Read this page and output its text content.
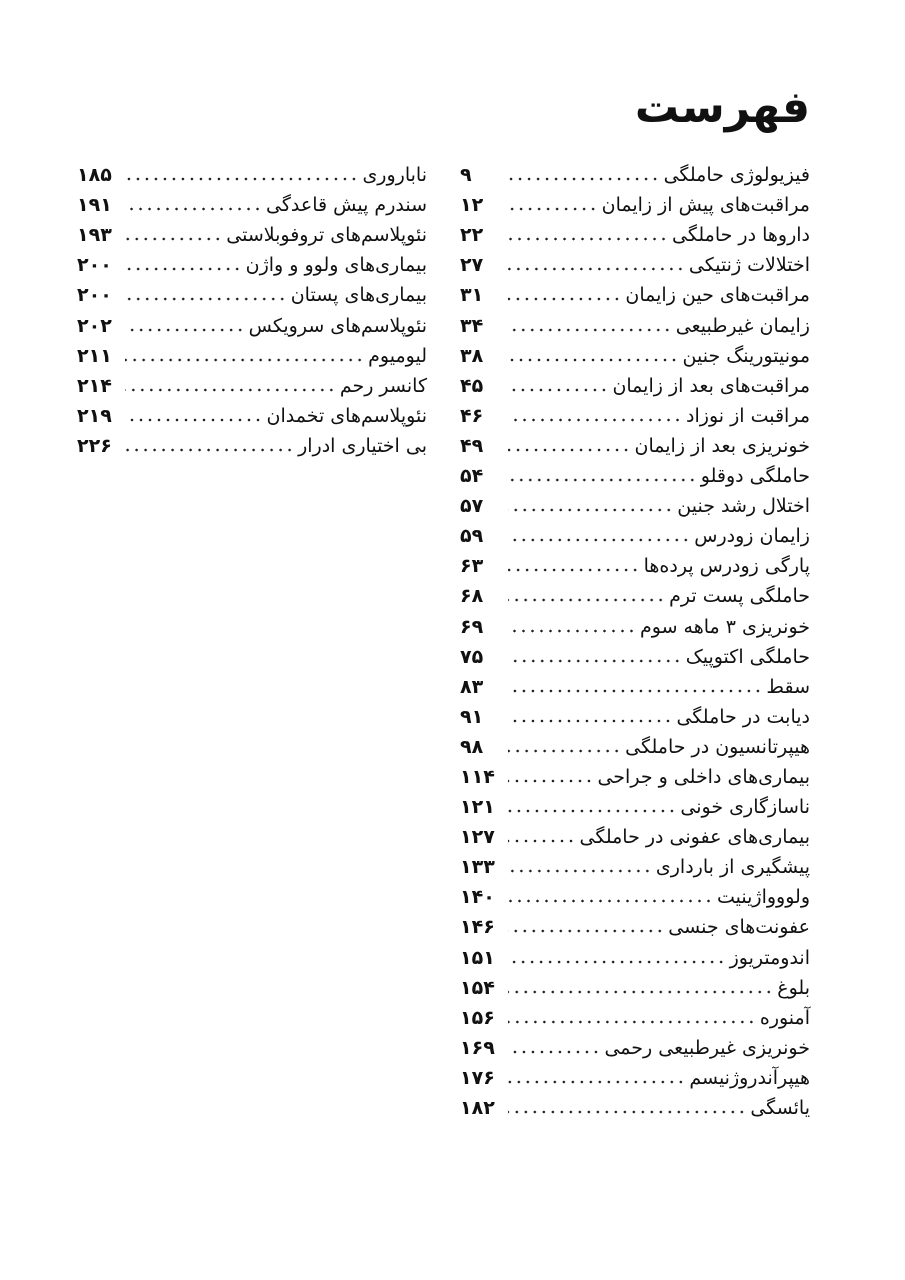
فهرست
فیزیولوژی حاملگی
۹
مراقبت‌های پیش از زایمان
۱۲
داروها در حاملگی
۲۲
اختلالات ژنتیکی
۲۷
مراقبت‌های حین زایمان
۳۱
زایمان غیرطبیعی
۳۴
مونیتورینگ جنین
۳۸
مراقبت‌های بعد از زایمان
۴۵
مراقبت از نوزاد
۴۶
خونریزی بعد از زایمان
۴۹
حاملگی دوقلو
۵۴
اختلال رشد جنین
۵۷
زایمان زودرس
۵۹
پارگی زودرس پرده‌ها
۶۳
حاملگی پست ترم
۶۸
خونریزی ۳ ماهه سوم
۶۹
حاملگی اکتوپیک
۷۵
سقط
۸۳
دیابت در حاملگی
۹۱
هیپرتانسیون در حاملگی
۹۸
بیماری‌های داخلی و جراحی
۱۱۴
ناسازگاری خونی
۱۲۱
بیماری‌های عفونی در حاملگی
۱۲۷
پیشگیری از بارداری
۱۳۳
ولوو‌واژینیت
۱۴۰
عفونت‌های جنسی
۱۴۶
اندومتریوز
۱۵۱
بلوغ
۱۵۴
آمنوره
۱۵۶
خونریزی غیرطبیعی رحمی
۱۶۹
هیپرآندروژنیسم
۱۷۶
یائسگی
۱۸۲
ناباروری
۱۸۵
سندرم پیش قاعدگی
۱۹۱
نئوپلاسم‌های تروفوبلاستی
۱۹۳
بیماری‌های ولوو و واژن
۲۰۰
بیماری‌های پستان
۲۰۰
نئوپلاسم‌های سرویکس
۲۰۲
لیومیوم
۲۱۱
کانسر رحم
۲۱۴
نئوپلاسم‌های تخمدان
۲۱۹
بی اختیاری ادرار
۲۲۶
